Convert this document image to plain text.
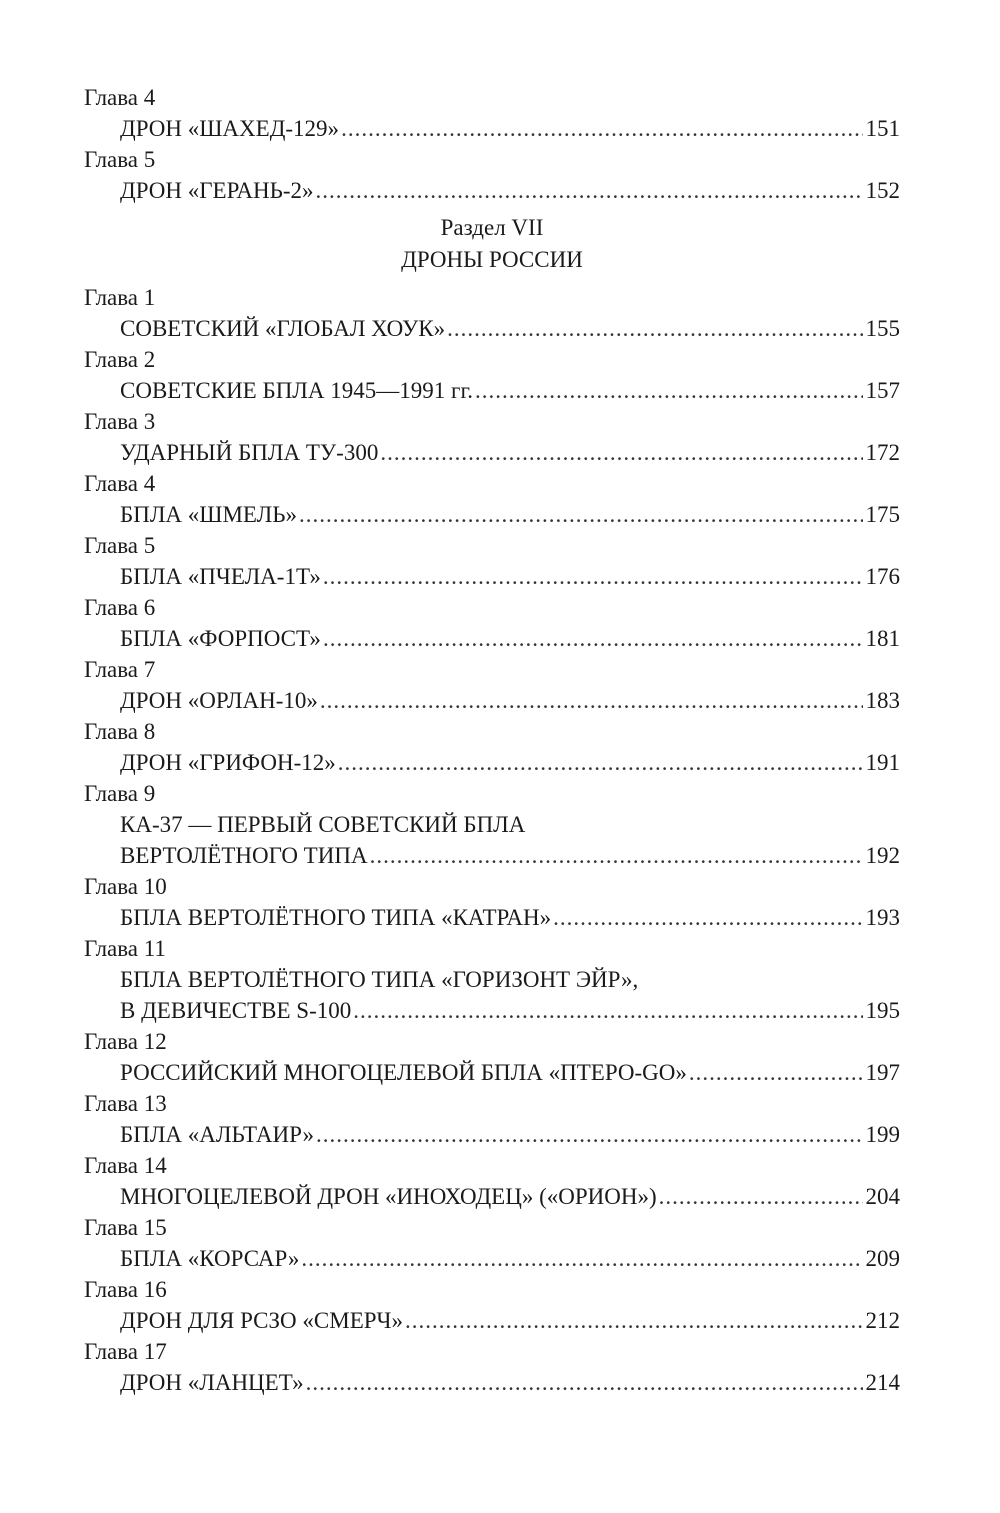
Глава 4
ДРОН «ШАХЕД-129» .....	151
Глава 5
ДРОН «ГЕРАНЬ-2» .....	152
Раздел VII
ДРОНЫ РОССИИ
Глава 1
СОВЕТСКИЙ «ГЛОБАЛ ХОУК» .....	155
Глава 2
СОВЕТСКИЕ БПЛА 1945—1991 гг. .....	157
Глава 3
УДАРНЫЙ БПЛА ТУ-300 .....	172
Глава 4
БПЛА «ШМЕЛЬ» .....	175
Глава 5
БПЛА «ПЧЕЛА-1Т» .....	176
Глава 6
БПЛА «ФОРПОСТ» .....	181
Глава 7
ДРОН «ОРЛАН-10» .....	183
Глава 8
ДРОН «ГРИФОН-12» .....	191
Глава 9
КА-37 — ПЕРВЫЙ СОВЕТСКИЙ БПЛА
ВЕРТОЛЁТНОГО ТИПА .....	192
Глава 10
БПЛА ВЕРТОЛЁТНОГО ТИПА «КАТРАН» .....	193
Глава 11
БПЛА ВЕРТОЛЁТНОГО ТИПА «ГОРИЗОНТ ЭЙР»,
В ДЕВИЧЕСТВЕ S-100 .....	195
Глава 12
РОССИЙСКИЙ МНОГОЦЕЛЕВОЙ БПЛА «ПТЕРО-GO» .....	197
Глава 13
БПЛА «АЛЬТАИР» .....	199
Глава 14
МНОГОЦЕЛЕВОЙ ДРОН «ИНОХОДЕЦ» («ОРИОН») .....	204
Глава 15
БПЛА «КОРСАР» .....	209
Глава 16
ДРОН ДЛЯ РСЗО «СМЕРЧ» .....	212
Глава 17
ДРОН «ЛАНЦЕТ» .....	214
